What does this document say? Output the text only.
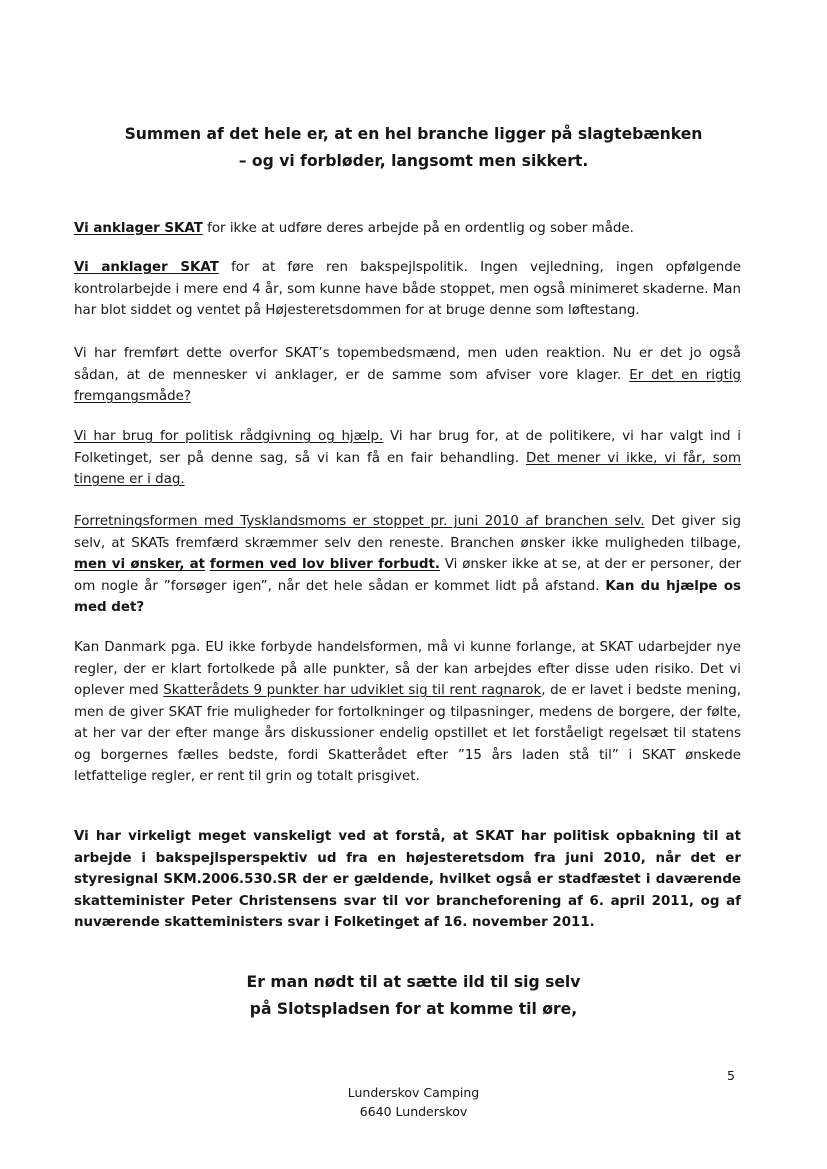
Summen af det hele er, at en hel branche ligger på slagtebænken
– og vi forbløder, langsomt men sikkert.
Vi anklager SKAT for ikke at udføre deres arbejde på en ordentlig og sober måde.
Vi anklager SKAT for at føre ren bakspejlspolitik. Ingen vejledning, ingen opfølgende kontrolarbejde i mere end 4 år, som kunne have både stoppet, men også minimeret skaderne. Man har blot siddet og ventet på Højesteretsdommen for at bruge denne som løftestang.
Vi har fremført dette overfor SKAT’s topembedsmænd, men uden reaktion. Nu er det jo også sådan, at de mennesker vi anklager, er de samme som afviser vore klager. Er det en rigtig fremgangsmåde?
Vi har brug for politisk rådgivning og hjælp. Vi har brug for, at de politikere, vi har valgt ind i Folketinget, ser på denne sag, så vi kan få en fair behandling. Det mener vi ikke, vi får, som tingene er i dag.
Forretningsformen med Tysklandsmoms er stoppet pr. juni 2010 af branchen selv. Det giver sig selv, at SKATs fremfærd skræmmer selv den reneste. Branchen ønsker ikke muligheden tilbage, men vi ønsker, at formen ved lov bliver forbudt. Vi ønsker ikke at se, at der er personer, der om nogle år ”forsøger igen”, når det hele sådan er kommet lidt på afstand. Kan du hjælpe os med det?
Kan Danmark pga. EU ikke forbyde handelsformen, må vi kunne forlange, at SKAT udarbejder nye regler, der er klart fortolkede på alle punkter, så der kan arbejdes efter disse uden risiko. Det vi oplever med Skatterådets 9 punkter har udviklet sig til rent ragnarok, de er lavet i bedste mening, men de giver SKAT frie muligheder for fortolkninger og tilpasninger, medens de borgere, der følte, at her var der efter mange års diskussioner endelig opstillet et let forståeligt regelsæt til statens og borgernes fælles bedste, fordi Skatterådet efter ”15 års laden stå til” i SKAT ønskede letfattelige regler, er rent til grin og totalt prisgivet.
Vi har virkeligt meget vanskeligt ved at forstå, at SKAT har politisk opbakning til at arbejde i bakspejlsperspektiv ud fra en højesteretsdom fra juni 2010, når det er styresignal SKM.2006.530.SR der er gældende, hvilket også er stadfæstet i daværende skatteminister Peter Christensens svar til vor brancheforening af 6. april 2011, og af nuværende skatteministers svar i Folketinget af 16. november 2011.
Er man nødt til at sætte ild til sig selv
på Slotspladsen for at komme til øre,
5
Lunderskov Camping
6640 Lunderskov
